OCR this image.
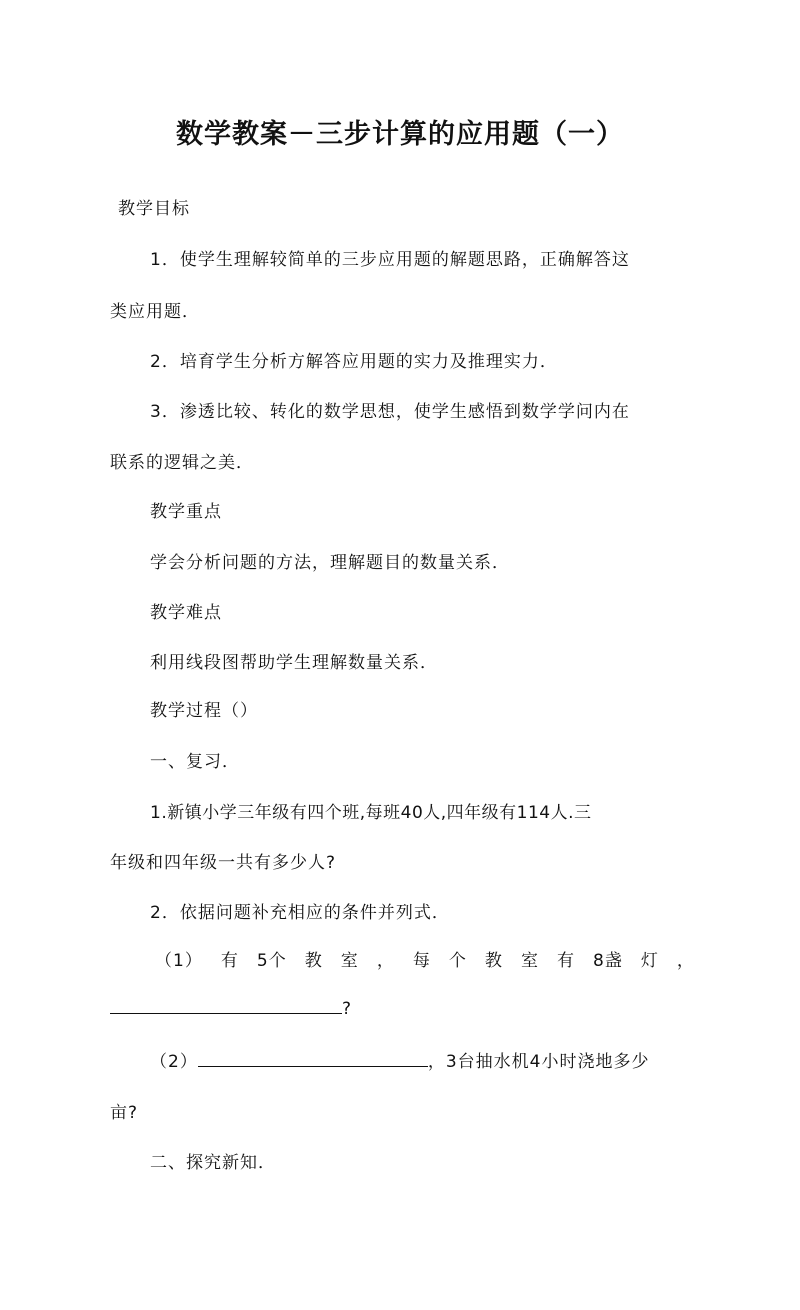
数学教案－三步计算的应用题（一）
教学目标
1．使学生理解较简单的三步应用题的解题思路，正确解答这
类应用题．
2．培育学生分析方解答应用题的实力及推理实力．
3．渗透比较、转化的数学思想，使学生感悟到数学学问内在
联系的逻辑之美．
教学重点
学会分析问题的方法，理解题目的数量关系．
教学难点
利用线段图帮助学生理解数量关系．
教学过程（）
一、复习．
1.新镇小学三年级有四个班,每班40人,四年级有114人.三
年级和四年级一共有多少人?
2．依据问题补充相应的条件并列式．
（1） 有 5个 教 室 ， 每 个 教 室 有 8盏 灯 ，
?
（2）	，3台抽水机4小时浇地多少
亩?
二、探究新知．
